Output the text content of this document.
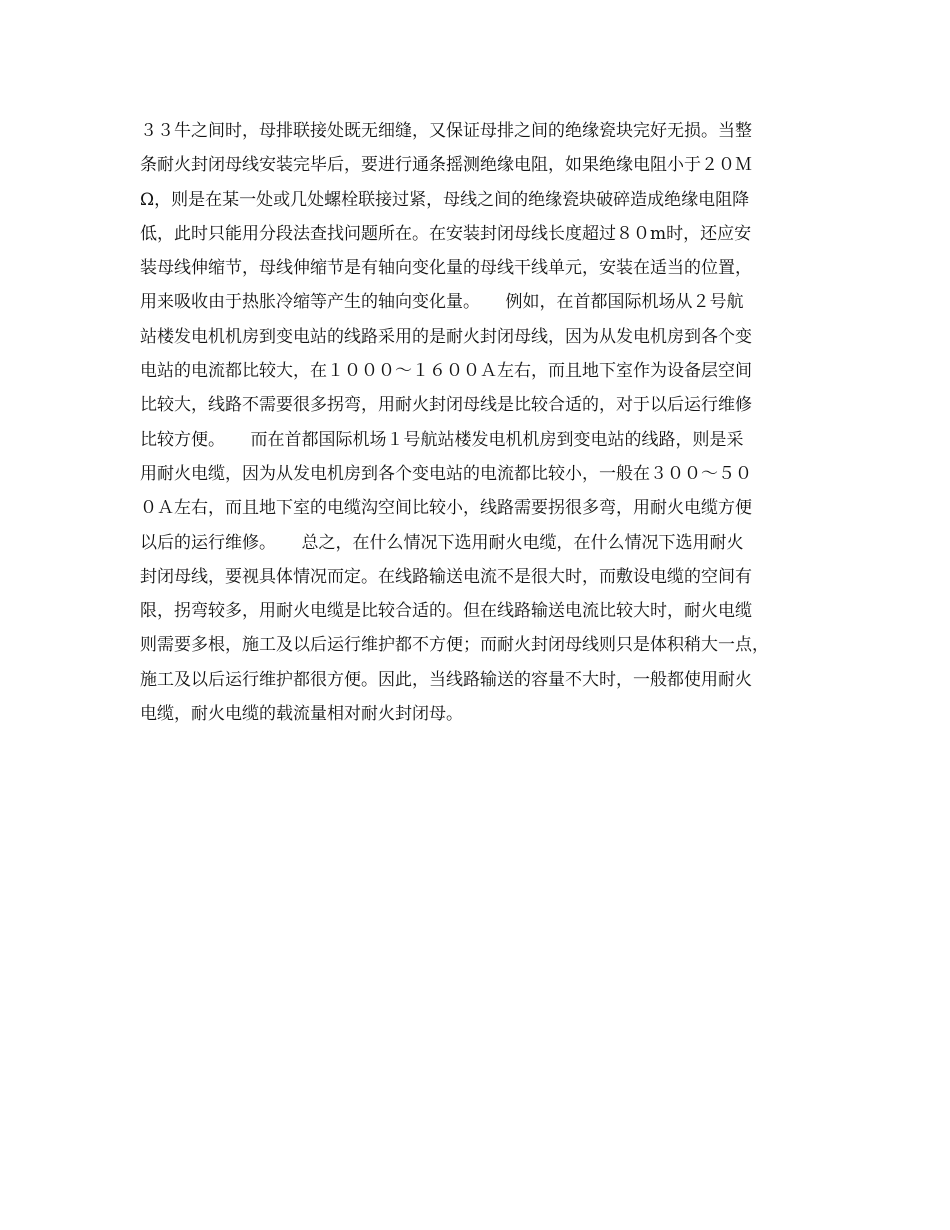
３３牛之间时，母排联接处既无细缝，又保证母排之间的绝缘瓷块完好无损。当整
条耐火封闭母线安装完毕后，要进行通条摇测绝缘电阻，如果绝缘电阻小于２０Ｍ
Ω，则是在某一处或几处螺栓联接过紧，母线之间的绝缘瓷块破碎造成绝缘电阻降
低，此时只能用分段法查找问题所在。在安装封闭母线长度超过８０m时，还应安
装母线伸缩节，母线伸缩节是有轴向变化量的母线干线单元，安装在适当的位置，
用来吸收由于热胀冷缩等产生的轴向变化量。　　例如，在首都国际机场从２号航
站楼发电机机房到变电站的线路采用的是耐火封闭母线，因为从发电机房到各个变
电站的电流都比较大，在１０００～１６００Ａ左右，而且地下室作为设备层空间
比较大，线路不需要很多拐弯，用耐火封闭母线是比较合适的，对于以后运行维修
比较方便。　　而在首都国际机场１号航站楼发电机机房到变电站的线路，则是采
用耐火电缆，因为从发电机房到各个变电站的电流都比较小，一般在３００～５０
０Ａ左右，而且地下室的电缆沟空间比较小，线路需要拐很多弯，用耐火电缆方便
以后的运行维修。　　总之，在什么情况下选用耐火电缆，在什么情况下选用耐火
封闭母线，要视具体情况而定。在线路输送电流不是很大时，而敷设电缆的空间有
限，拐弯较多，用耐火电缆是比较合适的。但在线路输送电流比较大时，耐火电缆
则需要多根，施工及以后运行维护都不方便；而耐火封闭母线则只是体积稍大一点，
施工及以后运行维护都很方便。因此，当线路输送的容量不大时，一般都使用耐火
电缆，耐火电缆的载流量相对耐火封闭母。
